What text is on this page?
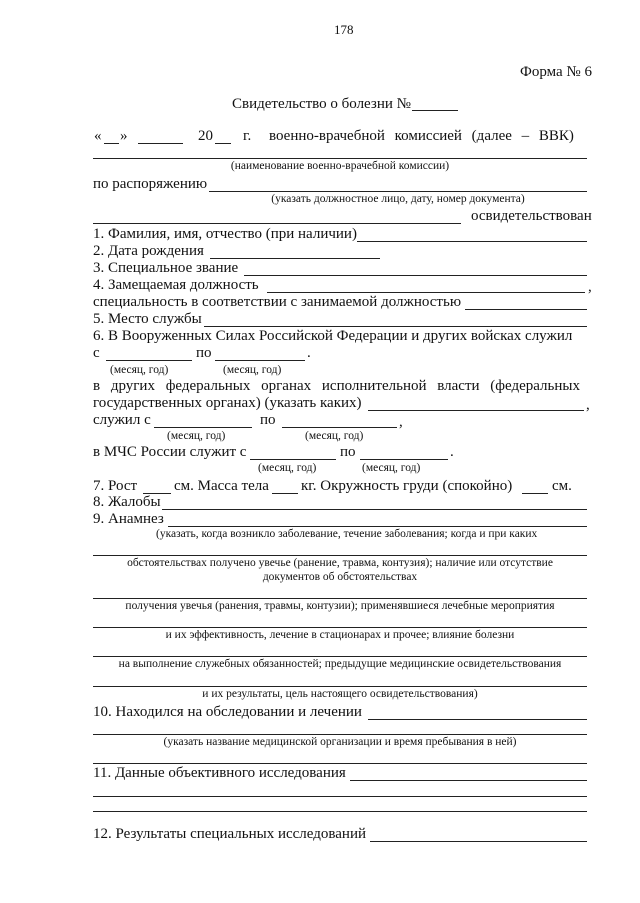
178
Форма № 6
Свидетельство о болезни №
« »	20 г. военно-врачебной комиссией (далее – ВВК)
(наименование военно-врачебной комиссии)
по распоряжению
(указать должностное лицо, дату, номер документа)
освидетельствован
1. Фамилия, имя, отчество (при наличии)
2. Дата рождения
3. Специальное звание
4. Замещаемая должность	,
специальность в соответствии с занимаемой должностью
5. Место службы
6. В Вооруженных Силах Российской Федерации и других войсках служил
с	по	.
(месяц, год)	(месяц, год)
в других федеральных органах исполнительной власти (федеральных
государственных органах) (указать каких)	,
служил с	по	,
(месяц, год)	(месяц, год)
в МЧС России служит с	по	.
(месяц, год)	(месяц, год)
7. Рост см. Масса тела кг. Окружность груди (спокойно)	см.
8. Жалобы
9. Анамнез
(указать, когда возникло заболевание, течение заболевания; когда и при каких
обстоятельствах получено увечье (ранение, травма, контузия); наличие или отсутствие
документов об обстоятельствах
получения увечья (ранения, травмы, контузии); применявшиеся лечебные мероприятия
и их эффективность, лечение в стационарах и прочее; влияние болезни
на выполнение служебных обязанностей; предыдущие медицинские освидетельствования
и их результаты, цель настоящего освидетельствования)
10. Находился на обследовании и лечении
(указать название медицинской организации и время пребывания в ней)
11. Данные объективного исследования
12. Результаты специальных исследований
